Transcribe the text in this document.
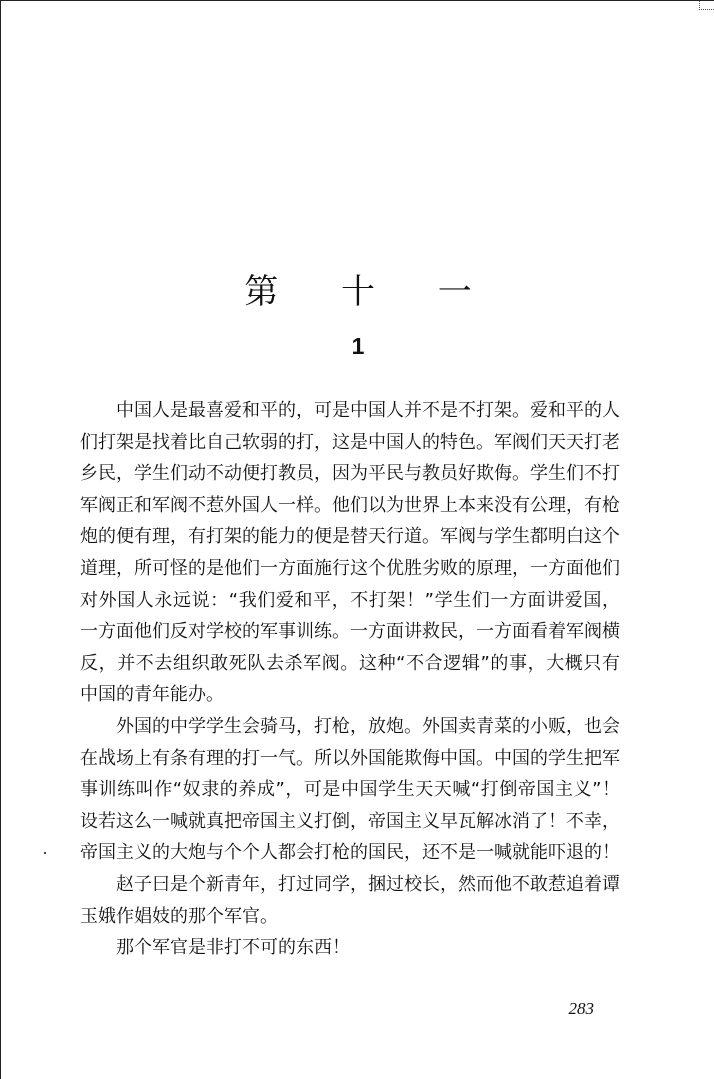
第 十 一
1

中国人是最喜爱和平的，可是中国人并不是不打架。爱和平的人们打架是找着比自己软弱的打，这是中国人的特色。军阀们天天打老乡民，学生们动不动便打教员，因为平民与教员好欺侮。学生们不打军阀正和军阀不惹外国人一样。他们以为世界上本来没有公理，有枪炮的便有理，有打架的能力的便是替天行道。军阀与学生都明白这个道理，所可怪的是他们一方面施行这个优胜劣败的原理，一方面他们对外国人永远说：“我们爱和平，不打架！”学生们一方面讲爱国，一方面他们反对学校的军事训练。一方面讲救民，一方面看着军阀横反，并不去组织敢死队去杀军阀。这种“不合逻辑”的事，大概只有中国的青年能办。

外国的中学学生会骑马，打枪，放炮。外国卖青菜的小贩，也会在战场上有条有理的打一气。所以外国能欺侮中国。中国的学生把军事训练叫作“奴隶的养成”，可是中国学生天天喊“打倒帝国主义”！设若这么一喊就真把帝国主义打倒，帝国主义早瓦解冰消了！不幸，帝国主义的大炮与个个人都会打枪的国民，还不是一喊就能吓退的！

赵子曰是个新青年，打过同学，捆过校长，然而他不敢惹追着谭玉娥作娼妓的那个军官。

那个军官是非打不可的东西！

283
